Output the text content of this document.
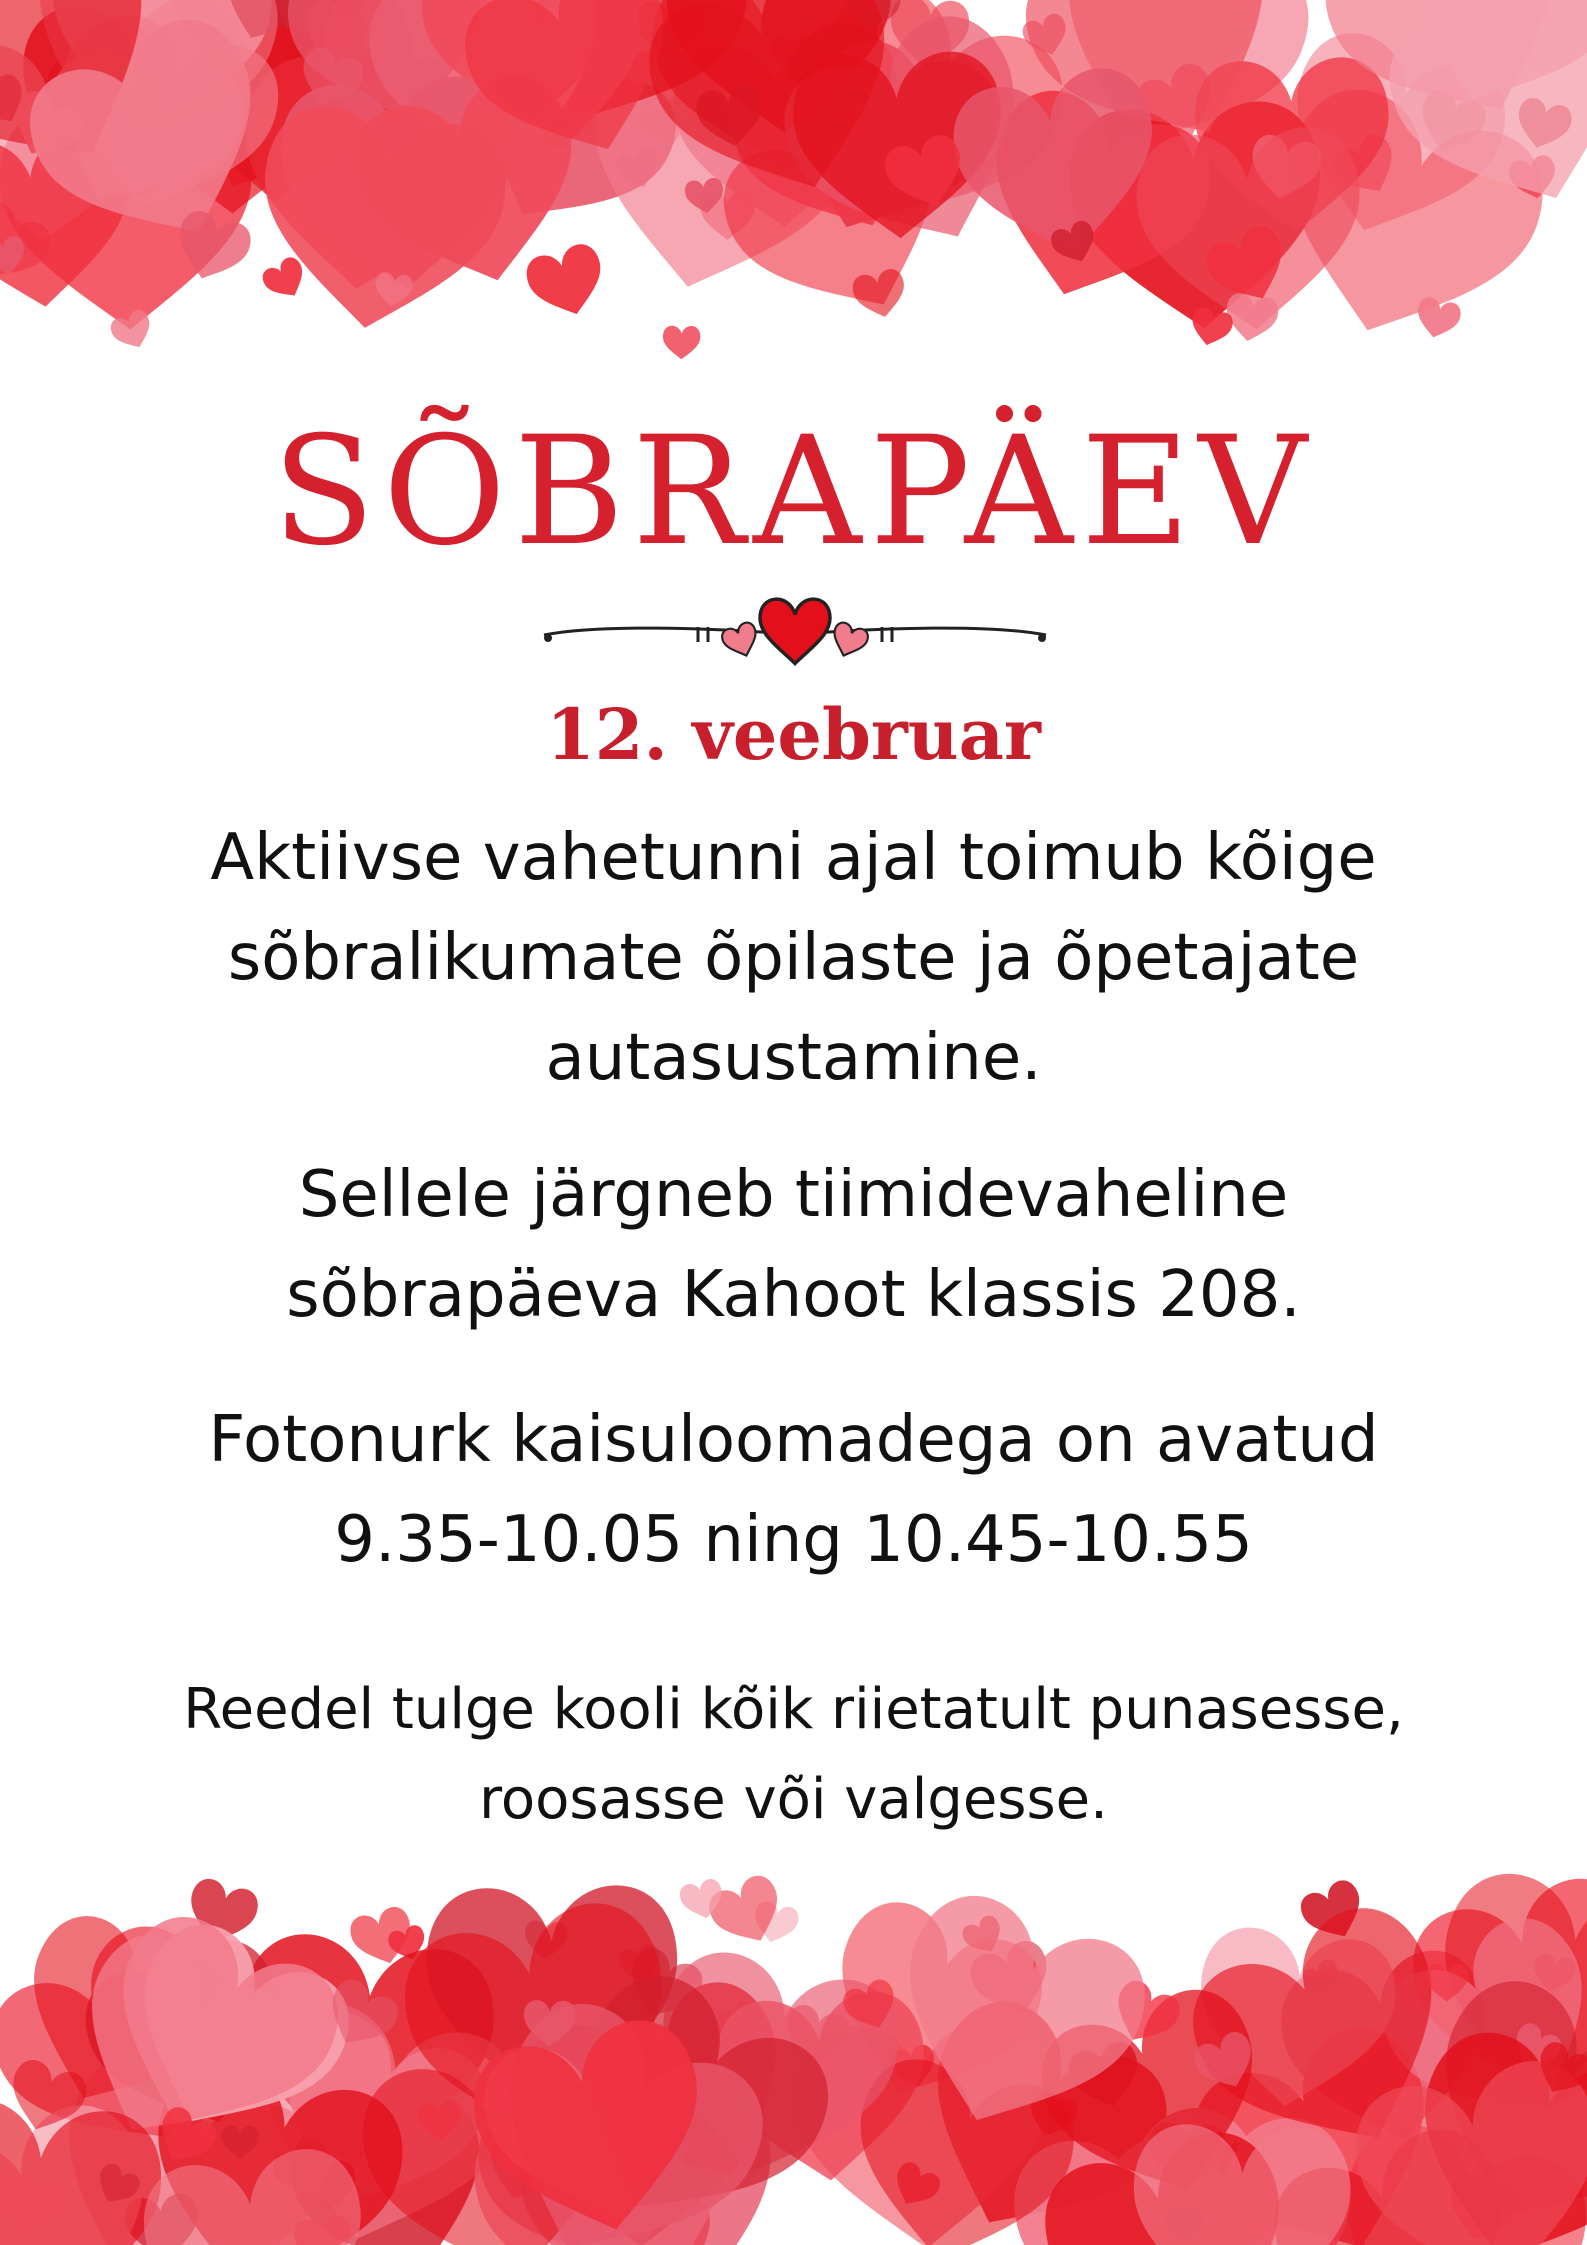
SÕBRAPÄEV
12. veebruar
Aktiivse vahetunni ajal toimub kõige sõbralikumate õpilaste ja õpetajate autasustamine.
Sellele järgneb tiimidevaheline sõbrapäeva Kahoot klassis 208.
Fotonurk kaisuloomadega on avatud 9.35-10.05 ning 10.45-10.55
Reedel tulge kooli kõik riietatult punasesse, roosasse või valgesse.
